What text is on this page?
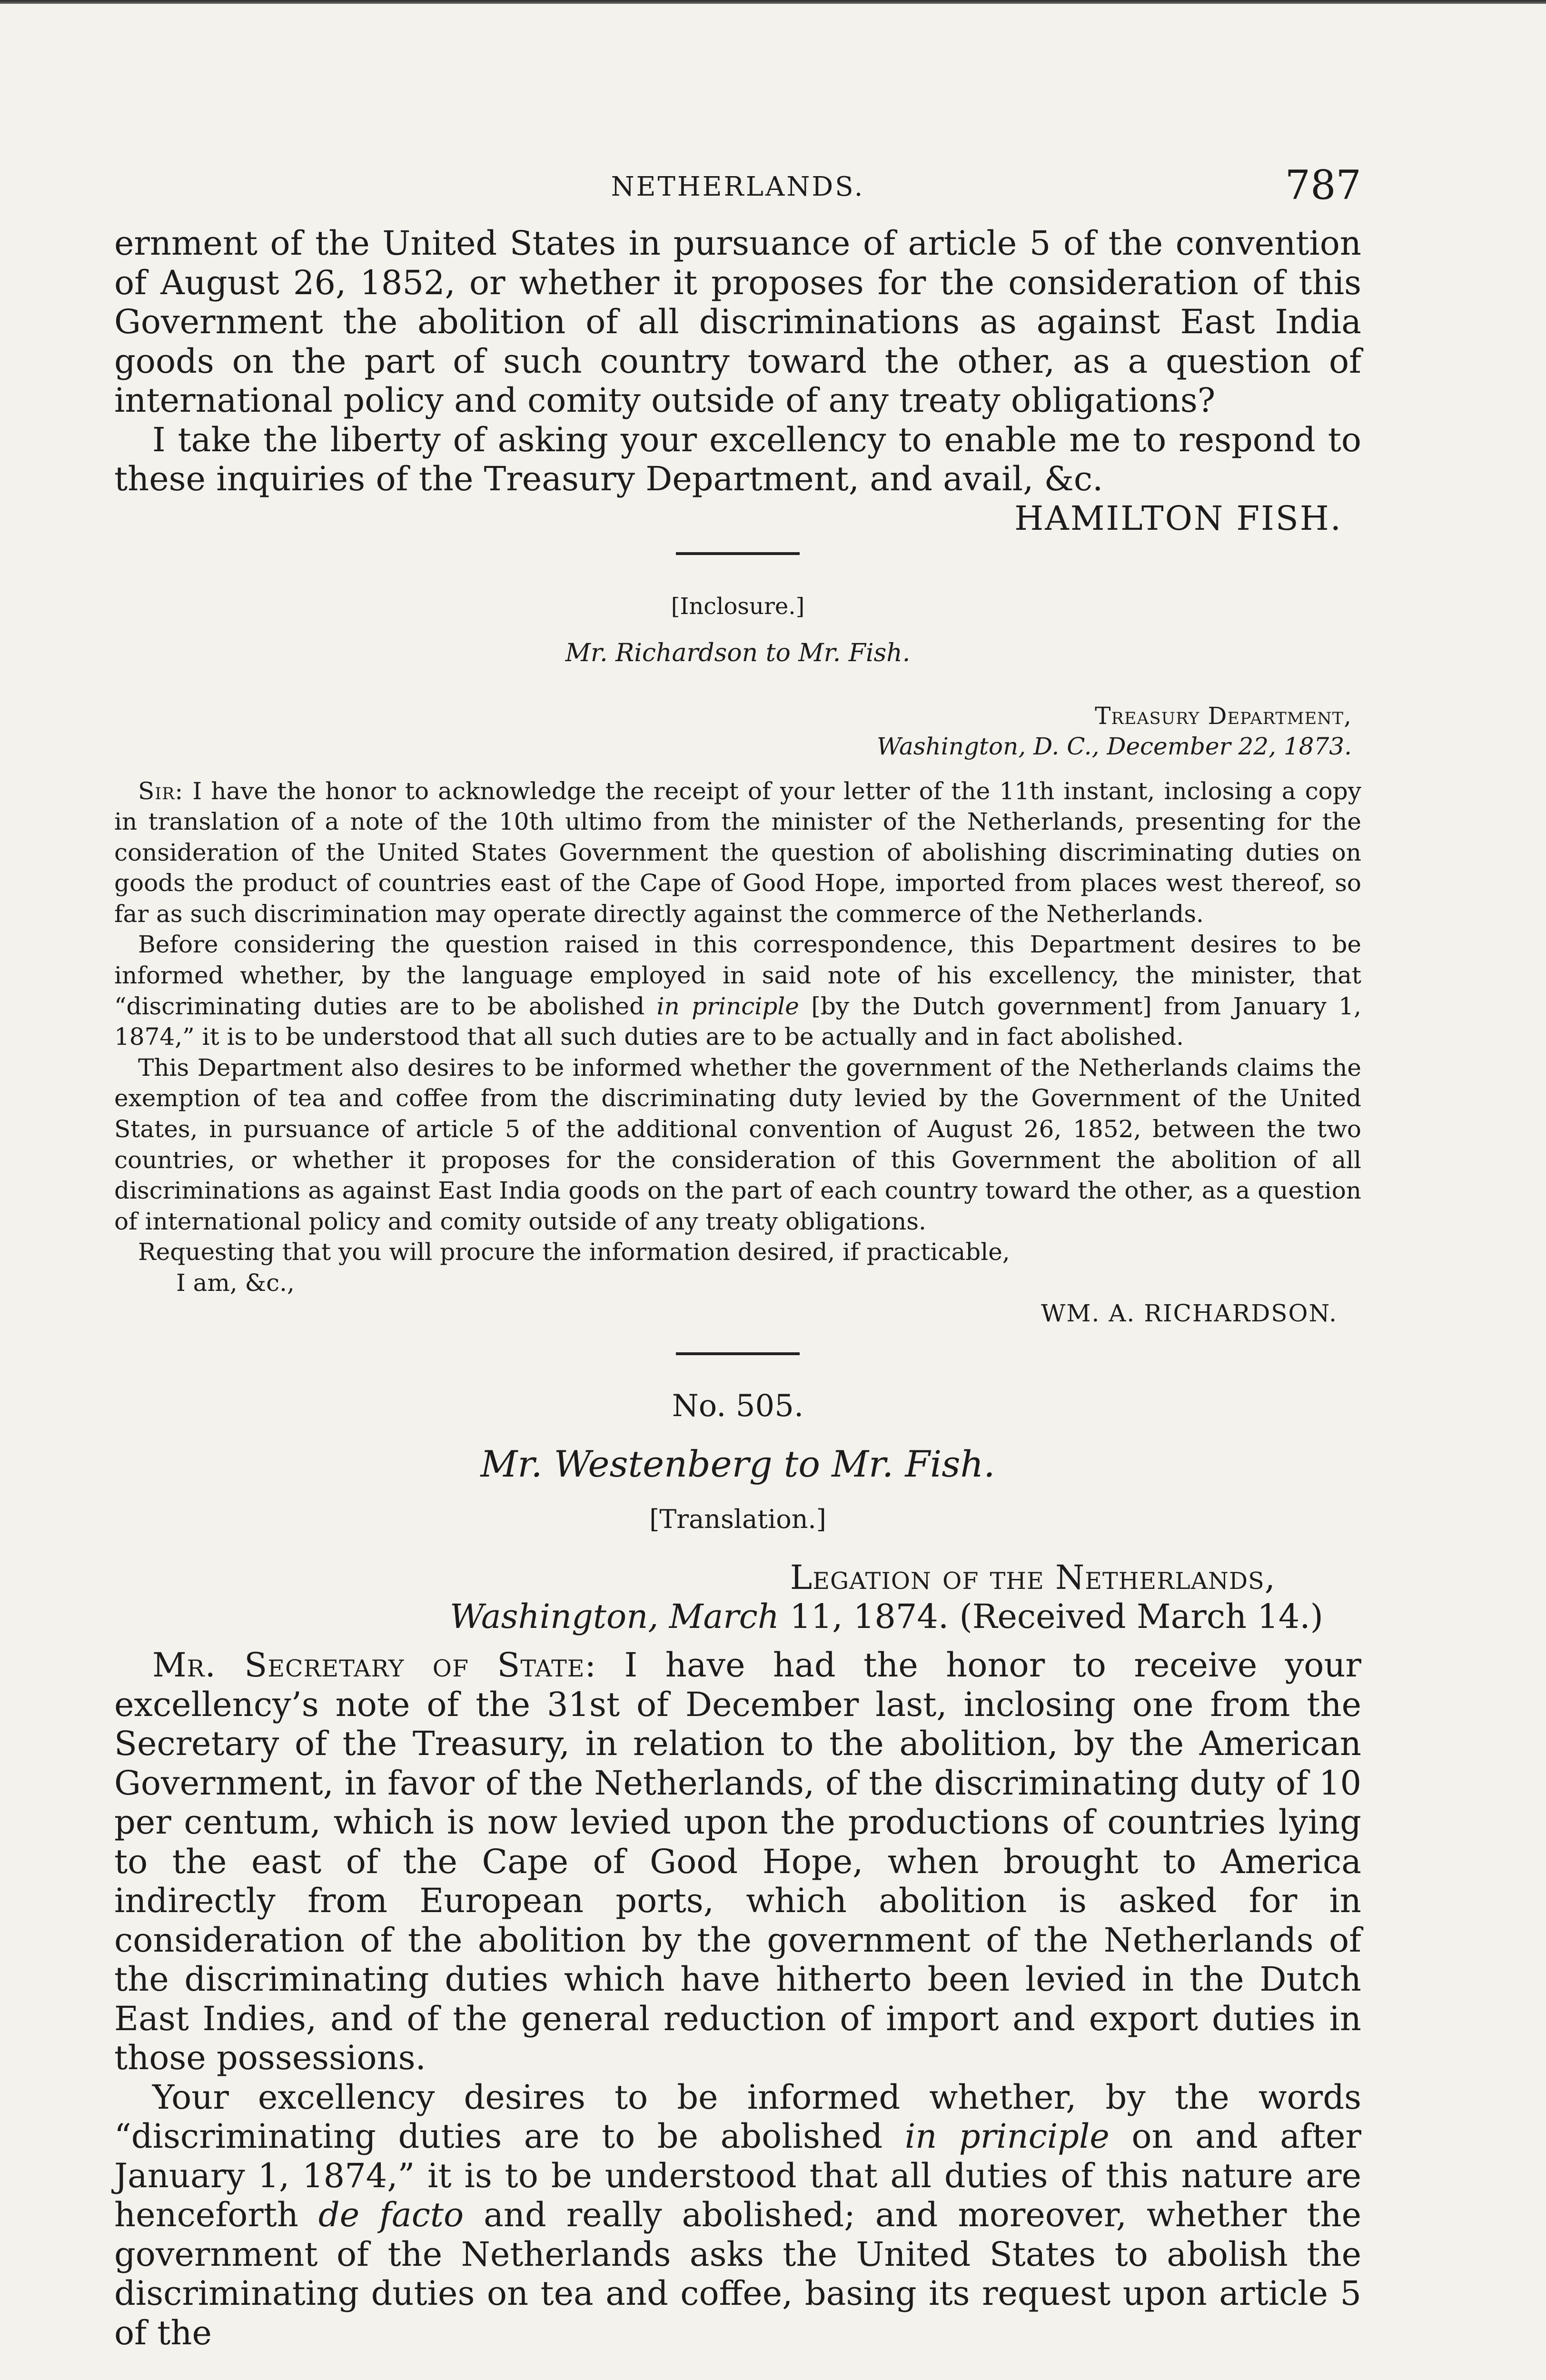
NETHERLANDS.	787

ernment of the United States in pursuance of article 5 of the convention of August 26, 1852, or whether it proposes for the consideration of this Government the abolition of all discriminations as against East India goods on the part of such country toward the other, as a question of international policy and comity outside of any treaty obligations?

I take the liberty of asking your excellency to enable me to respond to these inquiries of the Treasury Department, and avail, &c.

HAMILTON FISH.

[Inclosure.]
Mr. Richardson to Mr. Fish.

Treasury Department,

Washington, D. C., December 22, 1873.

Sir: I have the honor to acknowledge the receipt of your letter of the 11th instant, inclosing a copy in translation of a note of the 10th ultimo from the minister of the Netherlands, presenting for the consideration of the United States Government the question of abolishing discriminating duties on goods the product of countries east of the Cape of Good Hope, imported from places west thereof, so far as such discrimination may operate directly against the commerce of the Netherlands.

Before considering the question raised in this correspondence, this Department desires to be informed whether, by the language employed in said note of his excellency, the minister, that “discriminating duties are to be abolished in principle [by the Dutch government] from January 1, 1874,” it is to be understood that all such duties are to be actually and in fact abolished.

This Department also desires to be informed whether the government of the Netherlands claims the exemption of tea and coffee from the discriminating duty levied by the Government of the United States, in pursuance of article 5 of the additional convention of August 26, 1852, between the two countries, or whether it proposes for the consideration of this Government the abolition of all discriminations as against East India goods on the part of each country toward the other, as a question of international policy and comity outside of any treaty obligations.

Requesting that you will procure the information desired, if practicable,

I am, &c.,

WM. A. RICHARDSON.

No. 505.
Mr. Westenberg to Mr. Fish.
[Translation.]

Legation of the Netherlands,

Washington, March 11, 1874. (Received March 14.)

Mr. Secretary of State: I have had the honor to receive your excellency’s note of the 31st of December last, inclosing one from the Secretary of the Treasury, in relation to the abolition, by the American Government, in favor of the Netherlands, of the discriminating duty of 10 per centum, which is now levied upon the productions of countries lying to the east of the Cape of Good Hope, when brought to America indirectly from European ports, which abolition is asked for in consideration of the abolition by the government of the Netherlands of the discriminating duties which have hitherto been levied in the Dutch East Indies, and of the general reduction of import and export duties in those possessions.

Your excellency desires to be informed whether, by the words “discriminating duties are to be abolished in principle on and after January 1, 1874,” it is to be understood that all duties of this nature are henceforth de facto and really abolished; and moreover, whether the government of the Netherlands asks the United States to abolish the discriminating duties on tea and coffee, basing its request upon article 5 of the
